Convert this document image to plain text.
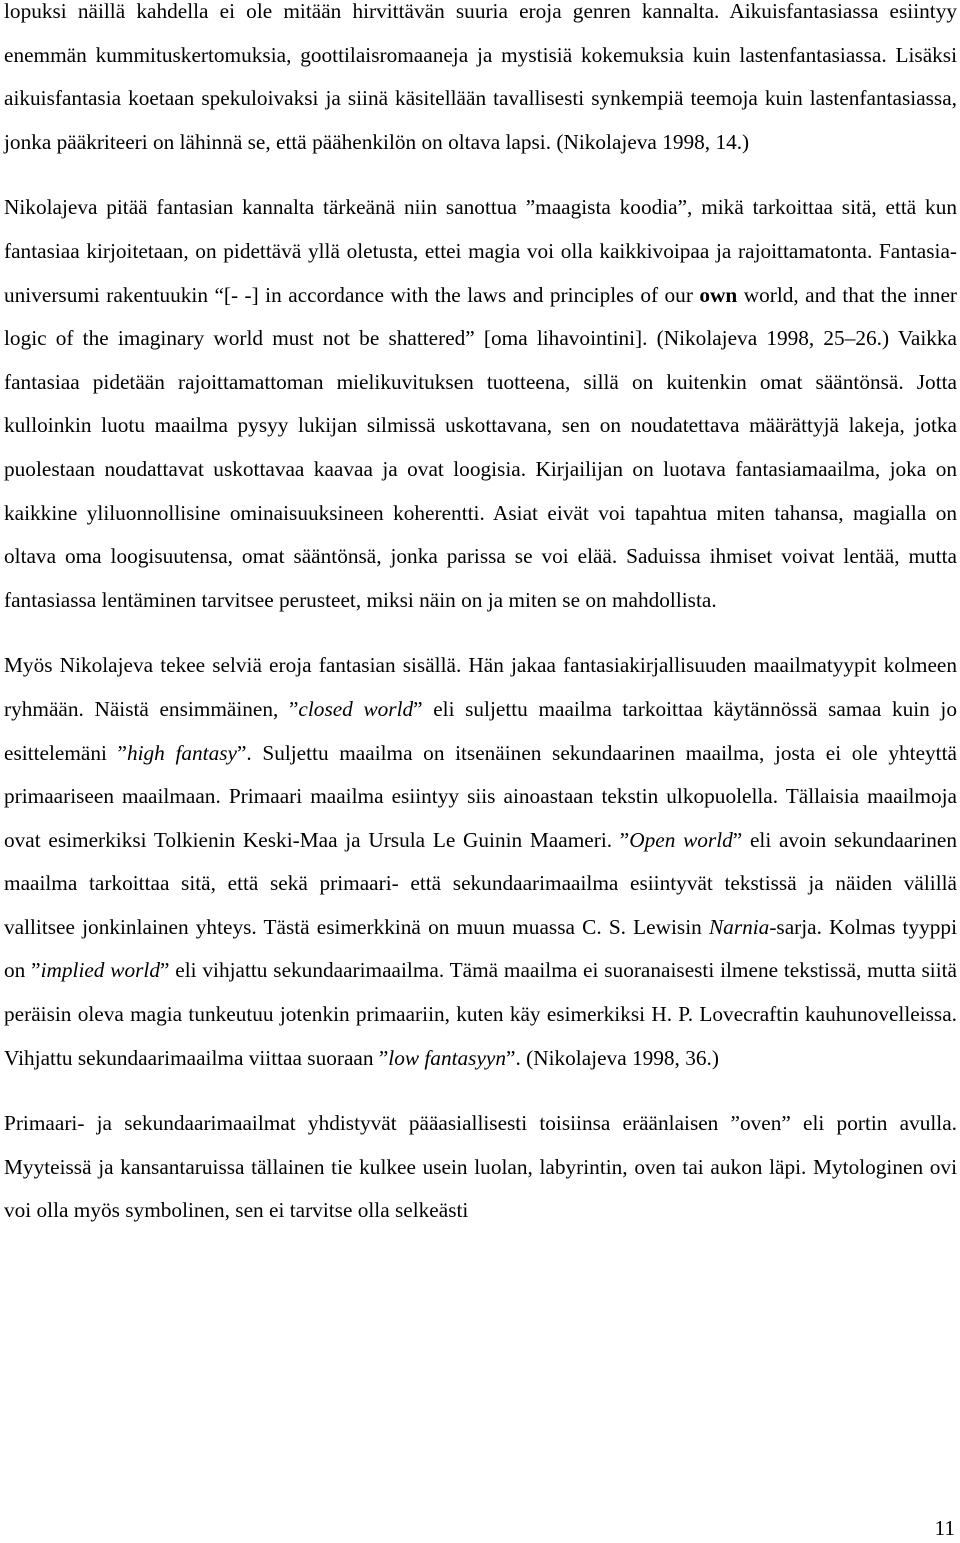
lopuksi näillä kahdella ei ole mitään hirvittävän suuria eroja genren kannalta. Aikuisfantasiassa esiintyy enemmän kummituskertomuksia, goottilaisromaaneja ja mystisiä kokemuksia kuin lastenfantasiassa. Lisäksi aikuisfantasia koetaan spekuloivaksi ja siinä käsitellään tavallisesti synkempiä teemoja kuin lastenfantasiassa, jonka pääkriteeri on lähinnä se, että päähenkilön on oltava lapsi. (Nikolajeva 1998, 14.)

Nikolajeva pitää fantasian kannalta tärkeänä niin sanottua ”maagista koodia”, mikä tarkoittaa sitä, että kun fantasiaa kirjoitetaan, on pidettävä yllä oletusta, ettei magia voi olla kaikkivoipaa ja rajoittamatonta. Fantasia-universumi rakentuukin “[- -] in accordance with the laws and principles of our own world, and that the inner logic of the imaginary world must not be shattered” [oma lihavointini]. (Nikolajeva 1998, 25–26.) Vaikka fantasiaa pidetään rajoittamattoman mielikuvituksen tuotteena, sillä on kuitenkin omat sääntönsä. Jotta kulloinkin luotu maailma pysyy lukijan silmissä uskottavana, sen on noudatettava määrättyjä lakeja, jotka puolestaan noudattavat uskottavaa kaavaa ja ovat loogisia. Kirjailijan on luotava fantasiamaailma, joka on kaikkine yliluonnollisine ominaisuuksineen koherentti. Asiat eivät voi tapahtua miten tahansa, magialla on oltava oma loogisuutensa, omat sääntönsä, jonka parissa se voi elää. Saduissa ihmiset voivat lentää, mutta fantasiassa lentäminen tarvitsee perusteet, miksi näin on ja miten se on mahdollista.

Myös Nikolajeva tekee selviä eroja fantasian sisällä. Hän jakaa fantasiakirjallisuuden maailmatyypit kolmeen ryhmään. Näistä ensimmäinen, ”closed world” eli suljettu maailma tarkoittaa käytännössä samaa kuin jo esittelemäni ”high fantasy”. Suljettu maailma on itsenäinen sekundaarinen maailma, josta ei ole yhteyttä primaariseen maailmaan. Primaari maailma esiintyy siis ainoastaan tekstin ulkopuolella. Tällaisia maailmoja ovat esimerkiksi Tolkienin Keski-Maa ja Ursula Le Guinin Maameri. ”Open world” eli avoin sekundaarinen maailma tarkoittaa sitä, että sekä primaari- että sekundaarimaailma esiintyvät tekstissä ja näiden välillä vallitsee jonkinlainen yhteys. Tästä esimerkkinä on muun muassa C. S. Lewisin Narnia-sarja. Kolmas tyyppi on ”implied world” eli vihjattu sekundaarimaailma. Tämä maailma ei suoranaisesti ilmene tekstissä, mutta siitä peräisin oleva magia tunkeutuu jotenkin primaariin, kuten käy esimerkiksi H. P. Lovecraftin kauhunovelleissa. Vihjattu sekundaarimaailma viittaa suoraan ”low fantasyyn”. (Nikolajeva 1998, 36.)

Primaari- ja sekundaarimaailmat yhdistyvät pääasiallisesti toisiinsa eräänlaisen ”oven” eli portin avulla. Myyteissä ja kansantaruissa tällainen tie kulkee usein luolan, labyrintin, oven tai aukon läpi. Mytologinen ovi voi olla myös symbolinen, sen ei tarvitse olla selkeästi

11
